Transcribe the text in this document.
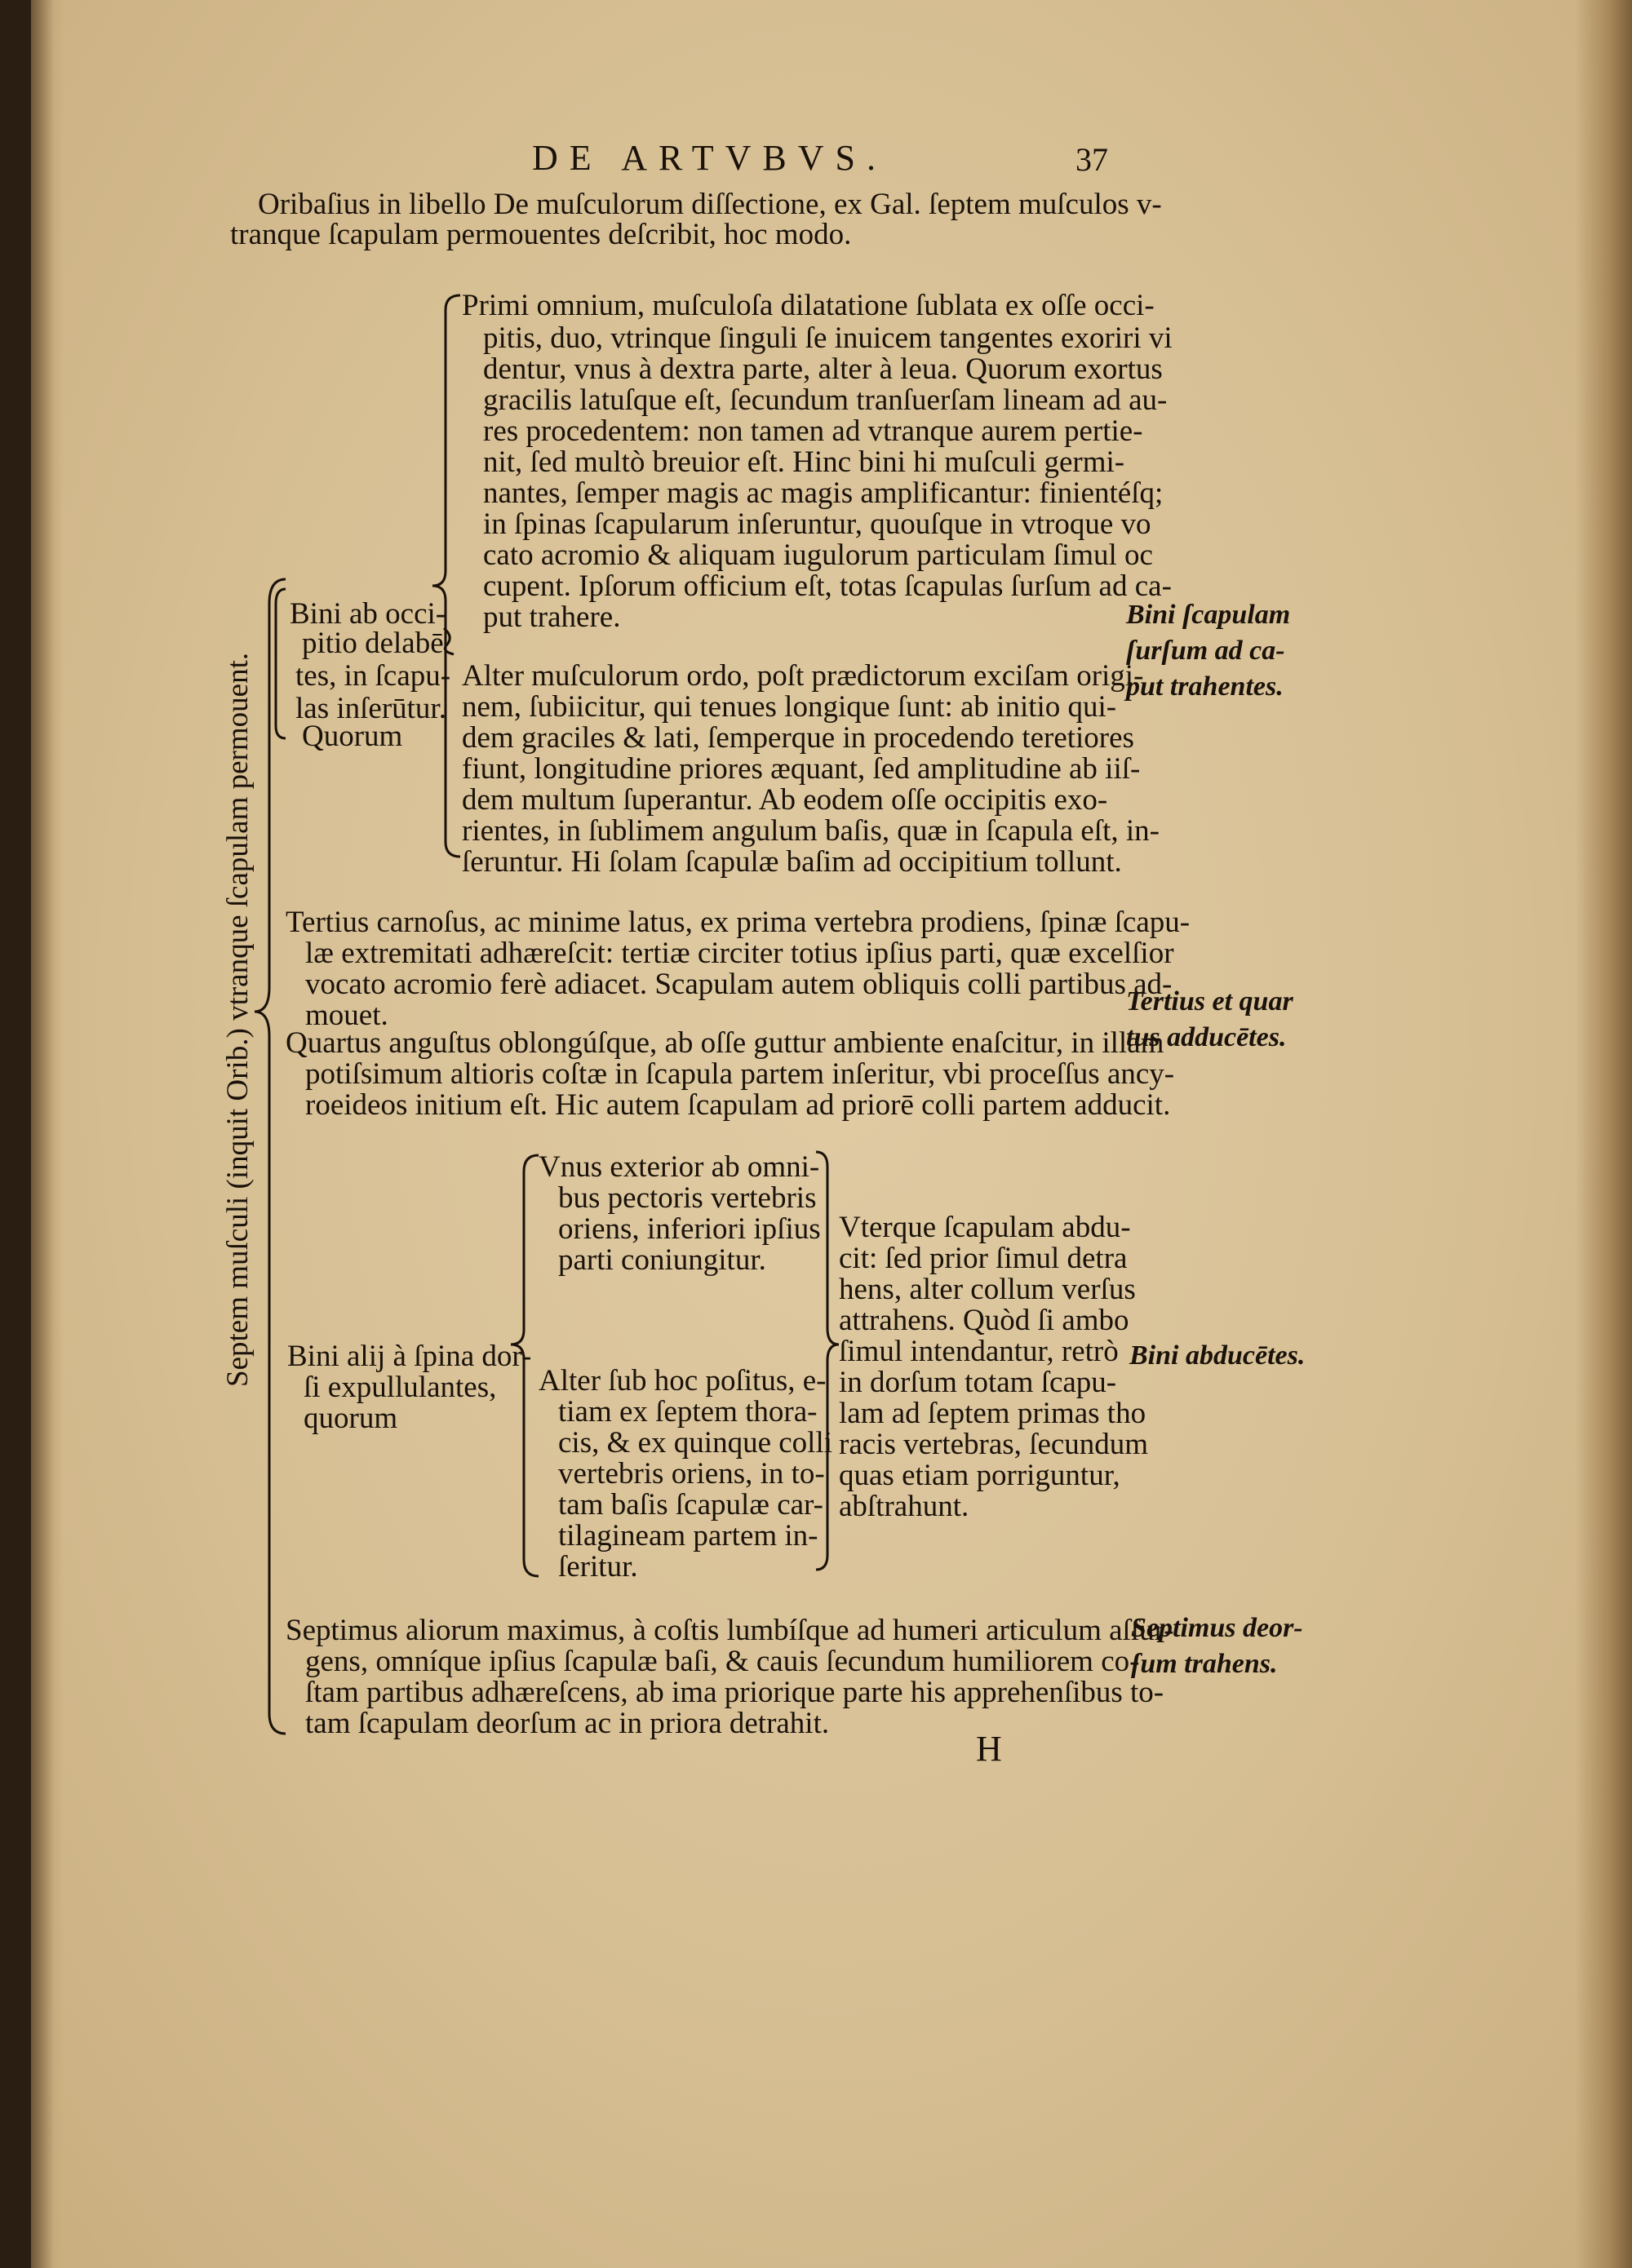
DE ARTVBVS.	37
Oribaſius in libello De muſculorum diſſectione, ex Gal. ſeptem muſculos v-
tranque ſcapulam permouentes deſcribit, hoc modo.
Septem muſculi (inquit Orib.) vtranque ſcapulam permouent.
Bini ab occi-
pitio delabē
tes, in ſcapu-
las inſerūtur.
Quorum
Primi omnium, muſculoſa dilatatione ſublata ex oſſe occi-
pitis, duo, vtrinque ſinguli ſe inuicem tangentes exoriri vi
dentur, vnus à dextra parte, alter à leua. Quorum exortus
gracilis latuſque eſt, ſecundum tranſuerſam lineam ad au-
res procedentem: non tamen ad vtranque aurem pertie-
nit, ſed multò breuior eſt. Hinc bini hi muſculi germi-
nantes, ſemper magis ac magis amplificantur: finientéſq;
in ſpinas ſcapularum inſeruntur, quouſque in vtroque vo
cato acromio & aliquam iugulorum particulam ſimul oc
cupent. Ipſorum officium eſt, totas ſcapulas ſurſum ad ca-
put trahere.
Alter muſculorum ordo, poſt prædictorum exciſam origi-
nem, ſubiicitur, qui tenues longique ſunt: ab initio qui-
dem graciles & lati, ſemperque in procedendo teretiores
fiunt, longitudine priores æquant, ſed amplitudine ab iiſ-
dem multum ſuperantur. Ab eodem oſſe occipitis exo-
rientes, in ſublimem angulum baſis, quæ in ſcapula eſt, in-
ſeruntur. Hi ſolam ſcapulæ baſim ad occipitium tollunt.
Tertius carnoſus, ac minime latus, ex prima vertebra prodiens, ſpinæ ſcapu-
læ extremitati adhæreſcit: tertiæ circiter totius ipſius parti, quæ excelſior
vocato acromio ferè adiacet. Scapulam autem obliquis colli partibus ad-
mouet.
Quartus anguſtus oblongúſque, ab oſſe guttur ambiente enaſcitur, in illam
potiſsimum altioris coſtæ in ſcapula partem inſeritur, vbi proceſſus ancy-
roeideos initium eſt. Hic autem ſcapulam ad priorē colli partem adducit.
Bini alij à ſpina dor-
ſi expullulantes,
quorum
Vnus exterior ab omni-
bus pectoris vertebris
oriens, inferiori ipſius
parti coniungitur.
Alter ſub hoc poſitus, e-
tiam ex ſeptem thora-
cis, & ex quinque colli
vertebris oriens, in to-
tam baſis ſcapulæ car-
tilagineam partem in-
ſeritur.
Vterque ſcapulam abdu-
cit: ſed prior ſimul detra
hens, alter collum verſus
attrahens. Quòd ſi ambo
ſimul intendantur, retrò
in dorſum totam ſcapu-
lam ad ſeptem primas tho
racis vertebras, ſecundum
quas etiam porriguntur,
abſtrahunt.
Septimus aliorum maximus, à coſtis lumbíſque ad humeri articulum aſſur-
gens, omníque ipſius ſcapulæ baſi, & cauis ſecundum humiliorem co-
ſtam partibus adhæreſcens, ab ima priorique parte his apprehenſibus to-
tam ſcapulam deorſum ac in priora detrahit.
Bini ſcapulam
ſurſum ad ca-
put trahentes.
Tertius et quar
tus adducētes.
Bini abducētes.
Septimus deor-
ſum trahens.
H
